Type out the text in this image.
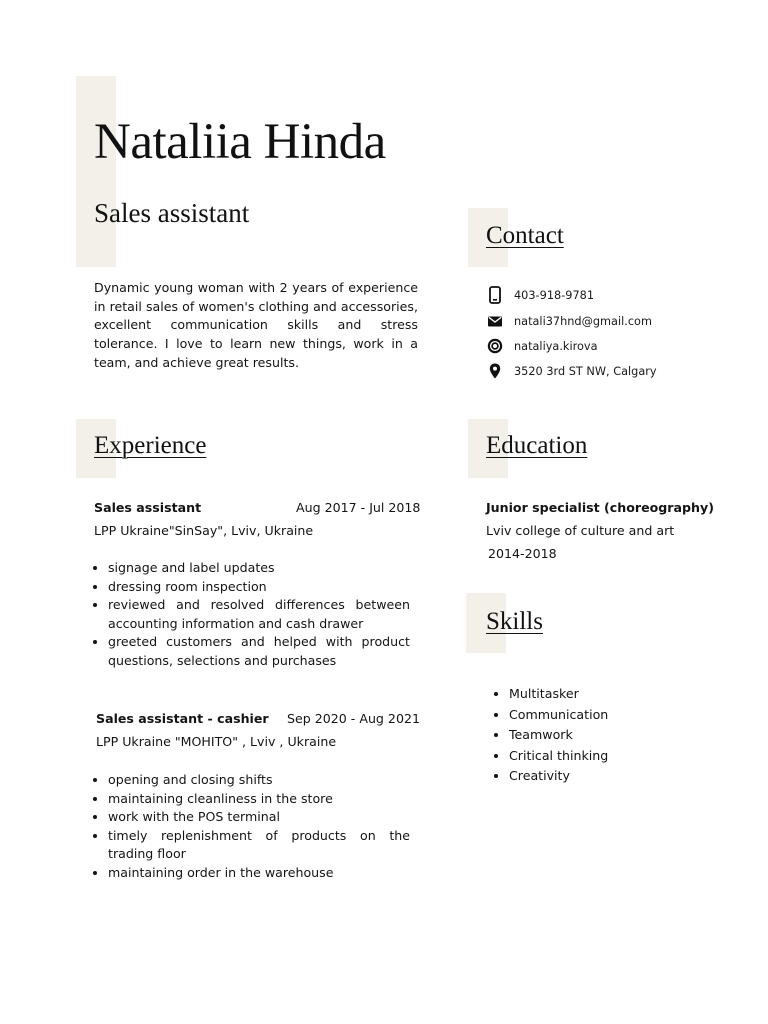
Nataliia Hinda
Sales assistant

Dynamic young woman with 2 years of experience in retail sales of women's clothing and accessories, excellent communication skills and stress tolerance. I love to learn new things, work in a team, and achieve great results.

Contact
403-918-9781
natali37hnd@gmail.com
nataliya.kirova
3520 3rd ST NW, Calgary
Experience
Sales assistant	Aug 2017 - Jul 2018
LPP Ukraine"SinSay", Lviv, Ukraine
• signage and label updates
• dressing room inspection
• reviewed and resolved differences between accounting information and cash drawer
• greeted customers and helped with product questions, selections and purchases
Sales assistant - cashier Sep 2020 - Aug 2021
LPP Ukraine "MOHITO" , Lviv , Ukraine
• opening and closing shifts
• maintaining cleanliness in the store
• work with the POS terminal
• timely replenishment of products on the trading floor
• maintaining order in the warehouse
Education
Junior specialist (choreography)
Lviv college of culture and art
2014-2018
Skills
• Multitasker
• Communication
• Teamwork
• Critical thinking
• Creativity
